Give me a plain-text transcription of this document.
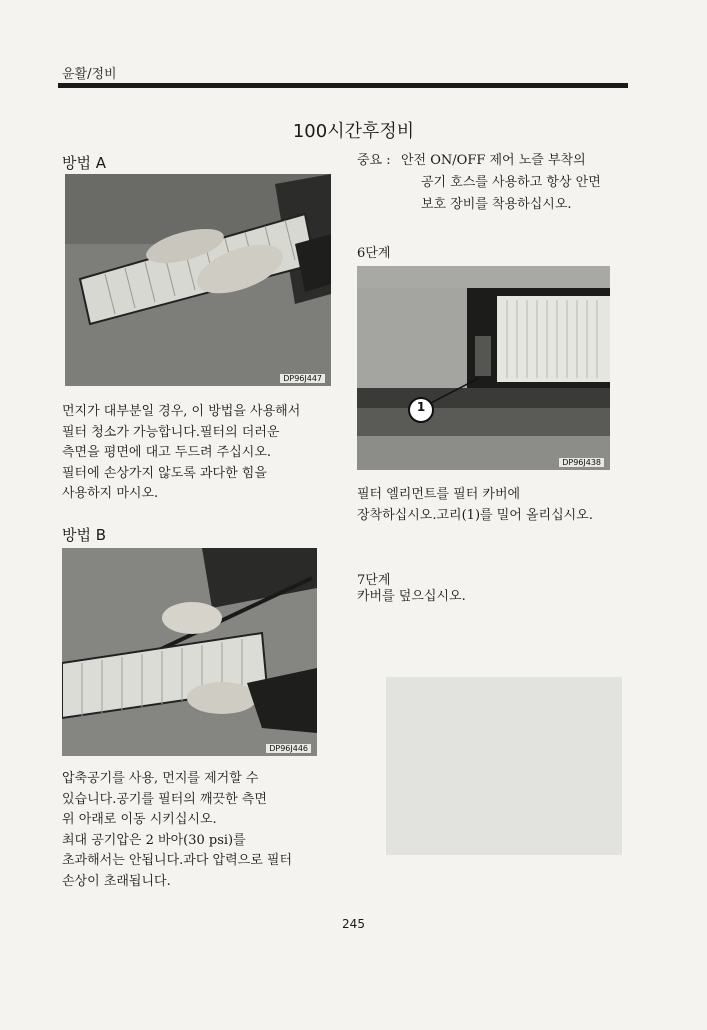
윤활/정비
100시간후정비
방법 A
DP96J447
먼지가 대부분일 경우, 이 방법을 사용해서
필터 청소가 가능합니다.필터의 더러운
측면을 평면에 대고 두드려 주십시오.
필터에 손상가지 않도록 과다한 힘을
사용하지 마시오.
방법 B
DP96J446
압축공기를 사용, 먼지를 제거할 수
있습니다.공기를 필터의 깨끗한 측면
위 아래로 이동 시키십시오.
최대 공기압은 2 바아(30 psi)를
초과해서는 안됩니다.과다 압력으로 필터
손상이 초래됩니다.
중요 : 안전 ON/OFF 제어 노즐 부착의
공기 호스를 사용하고 항상 안면
보호 장비를 착용하십시오.
6단계
1
DP96J438
필터 엘리먼트를 필터 카버에
장착하십시오.고리(1)를 밀어 올리십시오.
7단계
카버를 덮으십시오.
245
